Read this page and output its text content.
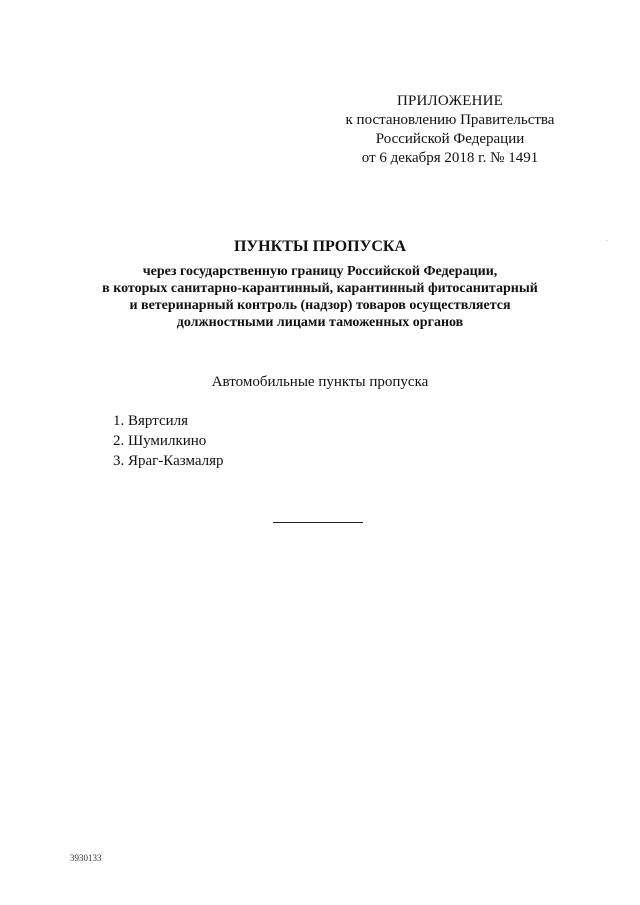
ПРИЛОЖЕНИЕ
к постановлению Правительства
Российской Федерации
от 6 декабря 2018 г. № 1491
ПУНКТЫ ПРОПУСКА
через государственную границу Российской Федерации,
в которых санитарно-карантинный, карантинный фитосанитарный
и ветеринарный контроль (надзор) товаров осуществляется
должностными лицами таможенных органов
Автомобильные пункты пропуска
1. Вяртсиля
2. Шумилкино
3. Яраг-Казмаляр
3930133
